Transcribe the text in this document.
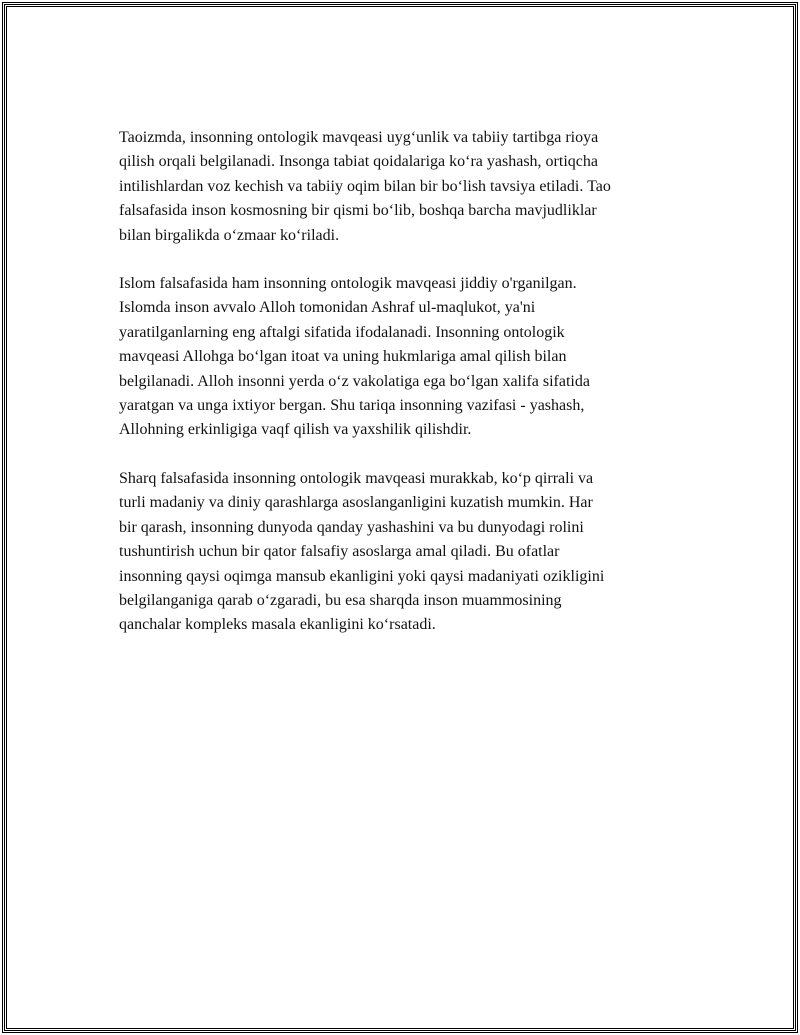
Taoizmda, insonning ontologik mavqeasi uyg‘unlik va tabiiy tartibga rioya
qilish orqali belgilanadi. Insonga tabiat qoidalariga ko‘ra yashash, ortiqcha
intilishlardan voz kechish va tabiiy oqim bilan bir bo‘lish tavsiya etiladi. Tao
falsafasida inson kosmosning bir qismi bo‘lib, boshqa barcha mavjudliklar
bilan birgalikda o‘zmaar ko‘riladi.

Islom falsafasida ham insonning ontologik mavqeasi jiddiy o'rganilgan.
Islomda inson avvalo Alloh tomonidan Ashraf ul-maqlukot, ya'ni
yaratilganlarning eng aftalgi sifatida ifodalanadi. Insonning ontologik
mavqeasi Allohga bo‘lgan itoat va uning hukmlariga amal qilish bilan
belgilanadi. Alloh insonni yerda o‘z vakolatiga ega bo‘lgan xalifa sifatida
yaratgan va unga ixtiyor bergan. Shu tariqa insonning vazifasi - yashash,
Allohning erkinligiga vaqf qilish va yaxshilik qilishdir.

Sharq falsafasida insonning ontologik mavqeasi murakkab, ko‘p qirrali va
turli madaniy va diniy qarashlarga asoslanganligini kuzatish mumkin. Har
bir qarash, insonning dunyoda qanday yashashini va bu dunyodagi rolini
tushuntirish uchun bir qator falsafiy asoslarga amal qiladi. Bu ofatlar
insonning qaysi oqimga mansub ekanligini yoki qaysi madaniyati ozikligini
belgilanganiga qarab o‘zgaradi, bu esa sharqda inson muammosining
qanchalar kompleks masala ekanligini ko‘rsatadi.
